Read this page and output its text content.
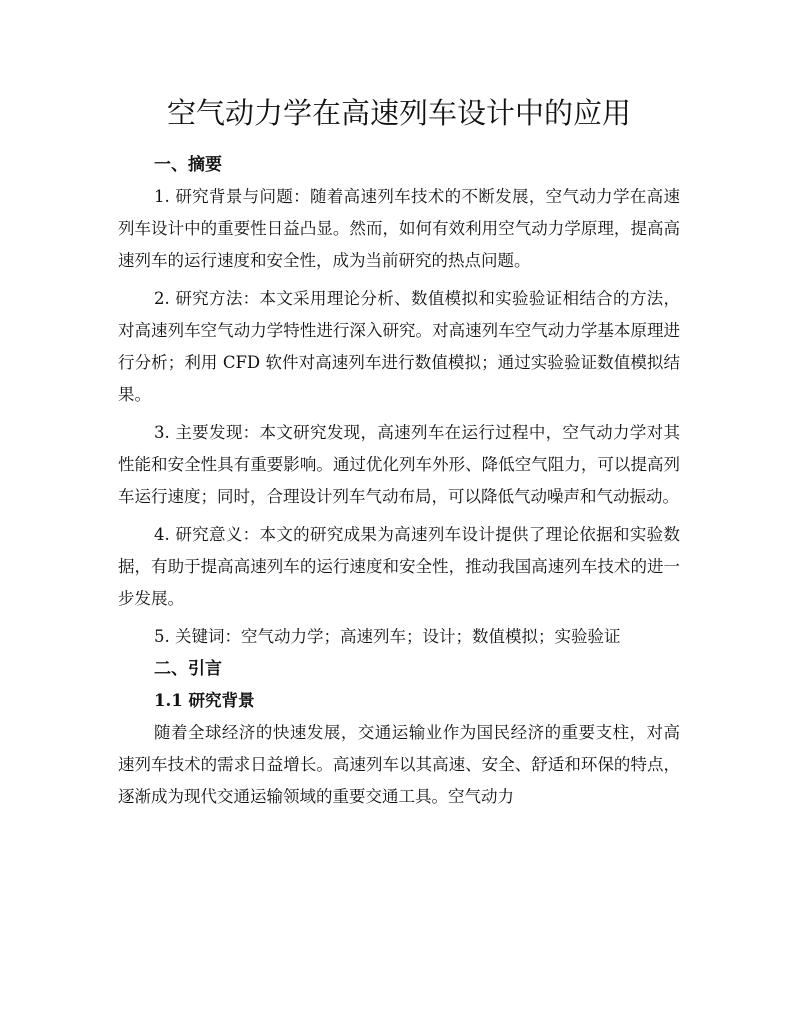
空气动力学在高速列车设计中的应用
一、摘要

1. 研究背景与问题：随着高速列车技术的不断发展，空气动力学在高速列车设计中的重要性日益凸显。然而，如何有效利用空气动力学原理，提高高速列车的运行速度和安全性，成为当前研究的热点问题。

2. 研究方法：本文采用理论分析、数值模拟和实验验证相结合的方法，对高速列车空气动力学特性进行深入研究。对高速列车空气动力学基本原理进行分析；利用 CFD 软件对高速列车进行数值模拟；通过实验验证数值模拟结果。

3. 主要发现：本文研究发现，高速列车在运行过程中，空气动力学对其性能和安全性具有重要影响。通过优化列车外形、降低空气阻力，可以提高列车运行速度；同时，合理设计列车气动布局，可以降低气动噪声和气动振动。

4. 研究意义：本文的研究成果为高速列车设计提供了理论依据和实验数据，有助于提高高速列车的运行速度和安全性，推动我国高速列车技术的进一步发展。

5. 关键词：空气动力学；高速列车；设计；数值模拟；实验验证

二、引言
1.1 研究背景

随着全球经济的快速发展，交通运输业作为国民经济的重要支柱，对高速列车技术的需求日益增长。高速列车以其高速、安全、舒适和环保的特点，逐渐成为现代交通运输领域的重要交通工具。空气动力
